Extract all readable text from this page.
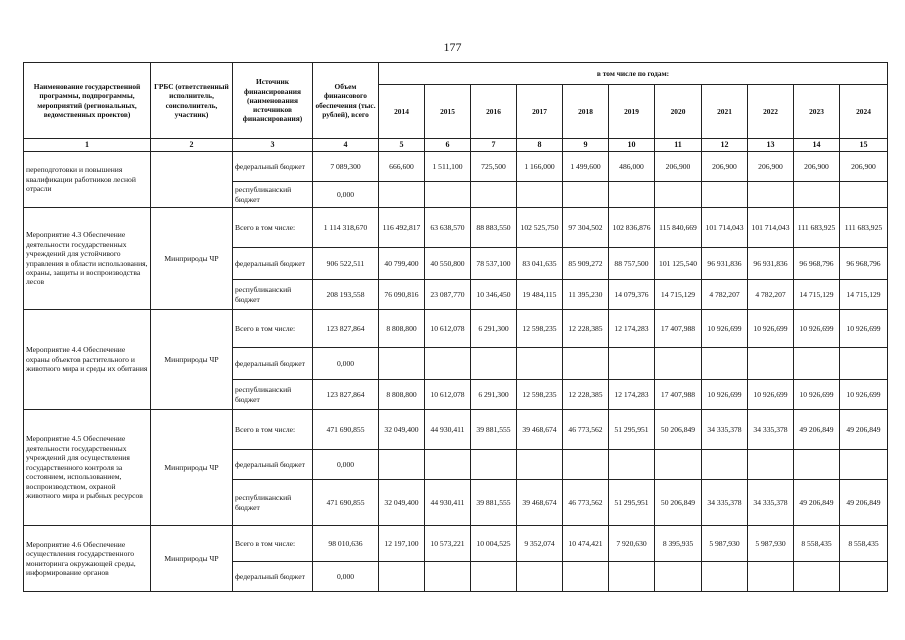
177
Наименование государственной программы, подпрограммы, мероприятий (региональных, ведомственных проектов)	ГРБС (ответственный исполнитель, соисполнитель, участник)	Источник финансирования (наименования источников финансирования)	Объем финансового обеспечения (тыс. рублей), всего	в том числе по годам:										
				2014	2015	2016	2017	2018	2019	2020	2021	2022	2023	2024
1	2	3	4	5	6	7	8	9	10	11	12	13	14	15
переподготовки и повышения квалификации работников лесной отрасли		федеральный бюджет	7 089,300	666,600	1 511,100	725,500	1 166,000	1 499,600	486,000	206,900	206,900	206,900	206,900	206,900
		республиканский бюджет	0,000											
Мероприятие 4.3 Обеспечение деятельности государственных учреждений для устойчивого управления в области использования, охраны, защиты и воспроизводства лесов	Минприроды ЧР	Всего в том числе:	1 114 318,670	116 492,817	63 638,570	88 883,550	102 525,750	97 304,502	102 836,876	115 840,669	101 714,043	101 714,043	111 683,925	111 683,925
		федеральный бюджет	906 522,511	40 799,400	40 550,800	78 537,100	83 041,635	85 909,272	88 757,500	101 125,540	96 931,836	96 931,836	96 968,796	96 968,796
		республиканский бюджет	208 193,558	76 090,816	23 087,770	10 346,450	19 484,115	11 395,230	14 079,376	14 715,129	4 782,207	4 782,207	14 715,129	14 715,129
Мероприятие 4.4 Обеспечение охраны объектов растительного и животного мира и среды их обитания	Минприроды ЧР	Всего в том числе:	123 827,864	8 808,800	10 612,078	6 291,300	12 598,235	12 228,385	12 174,283	17 407,988	10 926,699	10 926,699	10 926,699	10 926,699
		федеральный бюджет	0,000											
		республиканский бюджет	123 827,864	8 808,800	10 612,078	6 291,300	12 598,235	12 228,385	12 174,283	17 407,988	10 926,699	10 926,699	10 926,699	10 926,699
Мероприятие 4.5 Обеспечение деятельности государственных учреждений для осуществления государственного контроля за состоянием, использованием, воспроизводством, охраной животного мира и рыбных ресурсов	Минприроды ЧР	Всего в том числе:	471 690,855	32 049,400	44 930,411	39 881,555	39 468,674	46 773,562	51 295,951	50 206,849	34 335,378	34 335,378	49 206,849	49 206,849
		федеральный бюджет	0,000											
		республиканский бюджет	471 690,855	32 049,400	44 930,411	39 881,555	39 468,674	46 773,562	51 295,951	50 206,849	34 335,378	34 335,378	49 206,849	49 206,849
Мероприятие 4.6 Обеспечение осуществления государственного мониторинга окружающей среды, информирование органов	Минприроды ЧР	Всего в том числе:	98 010,636	12 197,100	10 573,221	10 004,525	9 352,074	10 474,421	7 920,630	8 395,935	5 987,930	5 987,930	8 558,435	8 558,435
		федеральный бюджет	0,000											
